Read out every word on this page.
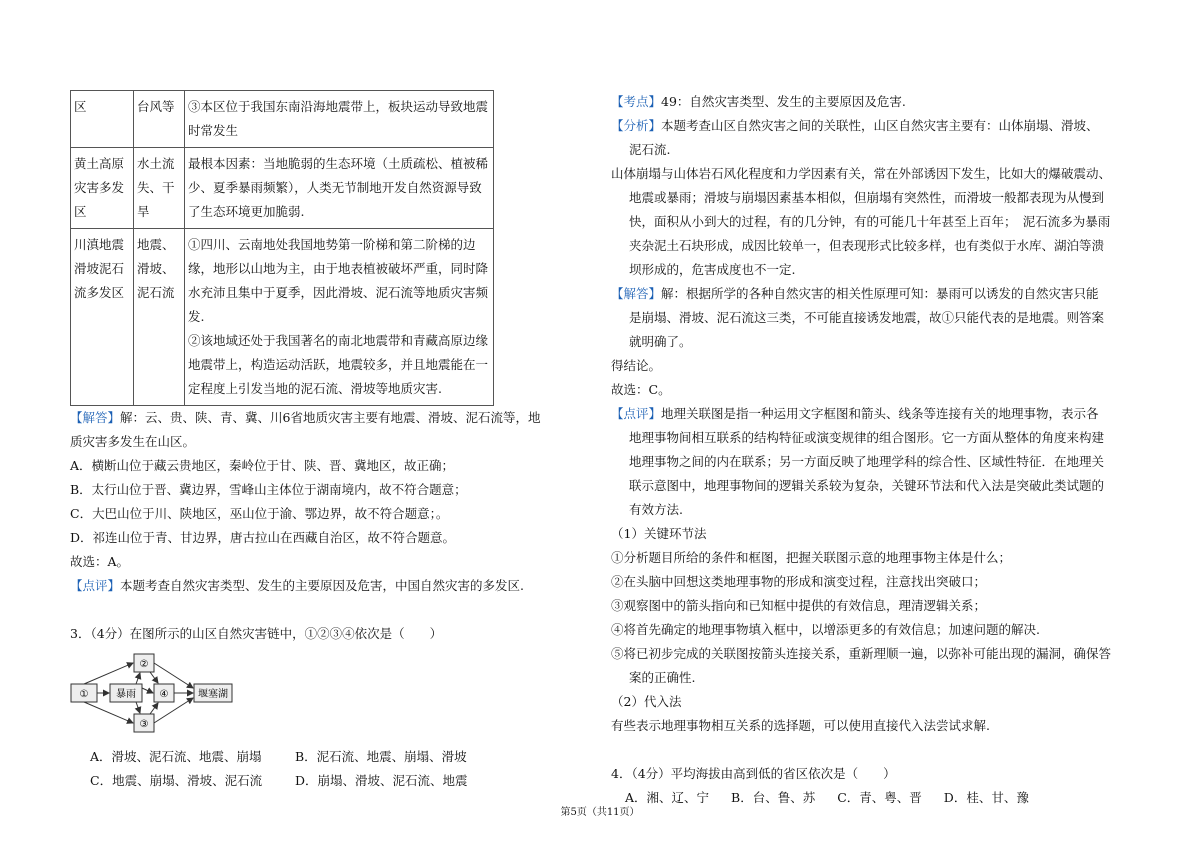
区	台风等	③本区位于我国东南沿海地震带上，板块运动导致地震时常发生
黄土高原灾害多发区	水土流失、干旱	最根本因素：当地脆弱的生态环境（土质疏松、植被稀少、夏季暴雨频繁），人类无节制地开发自然资源导致了生态环境更加脆弱.
川滇地震滑坡泥石流多发区	地震、滑坡、泥石流	①四川、云南地处我国地势第一阶梯和第二阶梯的边缘，地形以山地为主，由于地表植被破坏严重，同时降水充沛且集中于夏季，因此滑坡、泥石流等地质灾害频发.
②该地域还处于我国著名的南北地震带和青藏高原边缘地震带上，构造运动活跃，地震较多，并且地震能在一定程度上引发当地的泥石流、滑坡等地质灾害.
【解答】解：云、贵、陕、青、冀、川6省地质灾害主要有地震、滑坡、泥石流等，地质灾害多发生在山区。
A．横断山位于藏云贵地区，秦岭位于甘、陕、晋、冀地区，故正确；
B．太行山位于晋、冀边界，雪峰山主体位于湖南境内，故不符合题意；
C．大巴山位于川、陕地区，巫山位于渝、鄂边界，故不符合题意；。
D．祁连山位于青、甘边界，唐古拉山在西藏自治区，故不符合题意。
故选：A。
【点评】本题考查自然灾害类型、发生的主要原因及危害，中国自然灾害的多发区.
3．（4分）在图所示的山区自然灾害链中，①②③④依次是（　　）
①	暴雨
②
④
③
堰塞湖
A．滑坡、泥石流、地震、崩塌	B．泥石流、地震、崩塌、滑坡
C．地震、崩塌、滑坡、泥石流	D．崩塌、滑坡、泥石流、地震
【考点】49：自然灾害类型、发生的主要原因及危害.
【分析】本题考查山区自然灾害之间的关联性，山区自然灾害主要有：山体崩塌、滑坡、泥石流.
山体崩塌与山体岩石风化程度和力学因素有关，常在外部诱因下发生，比如大的爆破震动、地震或暴雨；滑坡与崩塌因素基本相似，但崩塌有突然性，而滑坡一般都表现为从慢到快，面积从小到大的过程，有的几分钟，有的可能几十年甚至上百年；　泥石流多为暴雨夹杂泥土石块形成，成因比较单一，但表现形式比较多样，也有类似于水库、湖泊等溃坝形成的，危害成度也不一定.
【解答】解：根据所学的各种自然灾害的相关性原理可知：暴雨可以诱发的自然灾害只能是崩塌、滑坡、泥石流这三类，不可能直接诱发地震，故①只能代表的是地震。则答案就明确了。
得结论。
故选：C。
【点评】地理关联图是指一种运用文字框图和箭头、线条等连接有关的地理事物，表示各地理事物间相互联系的结构特征或演变规律的组合图形。它一方面从整体的角度来构建地理事物之间的内在联系；另一方面反映了地理学科的综合性、区域性特征．在地理关联示意图中，地理事物间的逻辑关系较为复杂，关键环节法和代入法是突破此类试题的有效方法.
（1）关键环节法
①分析题目所给的条件和框图，把握关联图示意的地理事物主体是什么；
②在头脑中回想这类地理事物的形成和演变过程，注意找出突破口；
③观察图中的箭头指向和已知框中提供的有效信息，理清逻辑关系；
④将首先确定的地理事物填入框中，以增添更多的有效信息；加速问题的解决.
⑤将已初步完成的关联图按箭头连接关系，重新理顺一遍，以弥补可能出现的漏洞，确保答案的正确性.
（2）代入法
有些表示地理事物相互关系的选择题，可以使用直接代入法尝试求解.
4．（4分）平均海拔由高到低的省区依次是（　　）
A．湘、辽、宁 B．台、鲁、苏 C．青、粤、晋 D．桂、甘、豫
第5页（共11页）
